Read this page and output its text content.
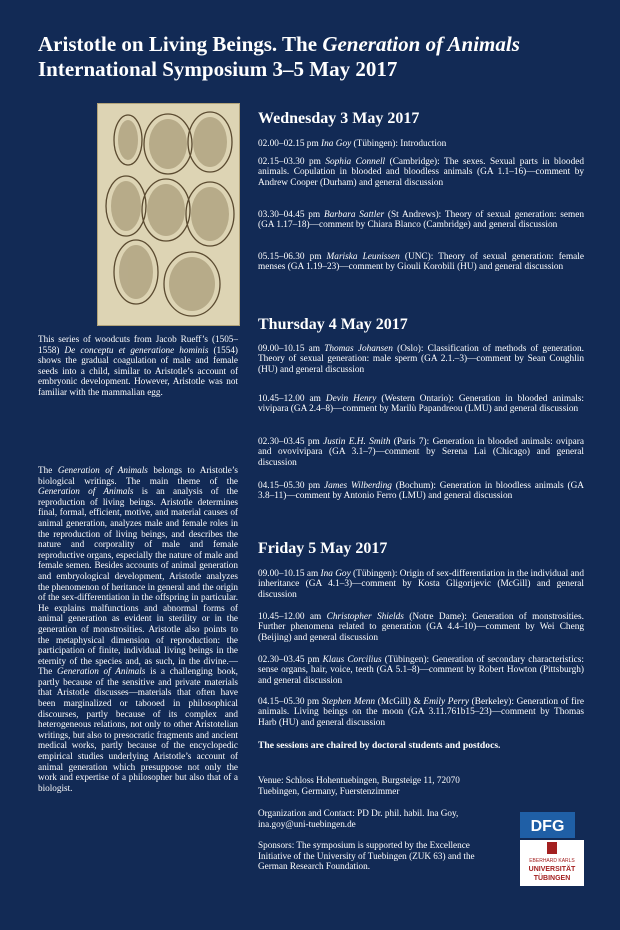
Aristotle on Living Beings. The Generation of Animals
International Symposium 3–5 May 2017
This series of woodcuts from Jacob Rueff’s (1505–1558) De conceptu et generatione hominis (1554) shows the gradual coagulation of male and female seeds into a child, similar to Aristotle’s account of embryonic development. However, Aristotle was not familiar with the mammalian egg.
The Generation of Animals belongs to Aristotle’s biological writings. The main theme of the Generation of Animals is an analysis of the reproduction of living beings. Aristotle determines final, formal, efficient, motive, and material causes of animal generation, analyzes male and female roles in the reproduction of living beings, and describes the nature and corporality of male and female reproductive organs, especially the nature of male and female semen. Besides accounts of animal generation and embryological development, Aristotle analyzes the phenomenon of heritance in general and the origin of the sex-differentiation in the offspring in particular. He explains malfunctions and abnormal forms of animal generation as evident in sterility or in the generation of monstrosities. Aristotle also points to the metaphysical dimension of reproduction: the participation of finite, individual living beings in the eternity of the species and, as such, in the divine.—The Generation of Animals is a challenging book, partly because of the sensitive and private materials that Aristotle discusses—materials that often have been marginalized or tabooed in philosophical discourses, partly because of its complex and heterogeneous relations, not only to other Aristotelian writings, but also to presocratic fragments and ancient medical works, partly because of the encyclopedic empirical studies underlying Aristotle’s account of animal generation which presuppose not only the work and expertise of a philosopher but also that of a biologist.
Wednesday 3 May 2017
02.00–02.15 pm Ina Goy (Tübingen): Introduction
02.15–03.30 pm Sophia Connell (Cambridge): The sexes. Sexual parts in blooded animals. Copulation in blooded and bloodless animals (GA 1.1–16)—comment by Andrew Cooper (Durham) and general discussion
03.30–04.45 pm Barbara Sattler (St Andrews): Theory of sexual generation: semen (GA 1.17–18)—comment by Chiara Blanco (Cambridge) and general discussion
05.15–06.30 pm Mariska Leunissen (UNC): Theory of sexual generation: female menses (GA 1.19–23)—comment by Giouli Korobili (HU) and general discussion
Thursday 4 May 2017
09.00–10.15 am Thomas Johansen (Oslo): Classification of methods of generation. Theory of sexual generation: male sperm (GA 2.1.–3)—comment by Sean Coughlin (HU) and general discussion
10.45–12.00 am Devin Henry (Western Ontario): Generation in blooded animals: vivipara (GA 2.4–8)—comment by Marilù Papandreou (LMU) and general discussion
02.30–03.45 pm Justin E.H. Smith (Paris 7): Generation in blooded animals: ovipara and ovovivipara (GA 3.1–7)—comment by Serena Lai (Chicago) and general discussion
04.15–05.30 pm James Wilberding (Bochum): Generation in bloodless animals (GA 3.8–11)—comment by Antonio Ferro (LMU) and general discussion
Friday 5 May 2017
09.00–10.15 am Ina Goy (Tübingen): Origin of sex-differentiation in the individual and inheritance (GA 4.1–3)—comment by Kosta Gligorijevic (McGill) and general discussion
10.45–12.00 am Christopher Shields (Notre Dame): Generation of monstrosities. Further phenomena related to generation (GA 4.4–10)—comment by Wei Cheng (Beijing) and general discussion
02.30–03.45 pm Klaus Corcilius (Tübingen): Generation of secondary characteristics: sense organs, hair, voice, teeth (GA 5.1–8)—comment by Robert Howton (Pittsburgh) and general discussion
04.15–05.30 pm Stephen Menn (McGill) & Emily Perry (Berkeley): Generation of fire animals. Living beings on the moon (GA 3.11.761b15–23)—comment by Thomas Harb (HU) and general discussion
The sessions are chaired by doctoral students and postdocs.
Venue: Schloss Hohentuebingen, Burgsteige 11, 72070 Tuebingen, Germany, Fuerstenzimmer
Organization and Contact: PD Dr. phil. habil. Ina Goy, ina.goy@uni-tuebingen.de
Sponsors: The symposium is supported by the Excellence Initiative of the University of Tuebingen (ZUK 63) and the German Research Foundation.
DFG
EBERHARD KARLS
UNIVERSITÄT
TÜBINGEN
